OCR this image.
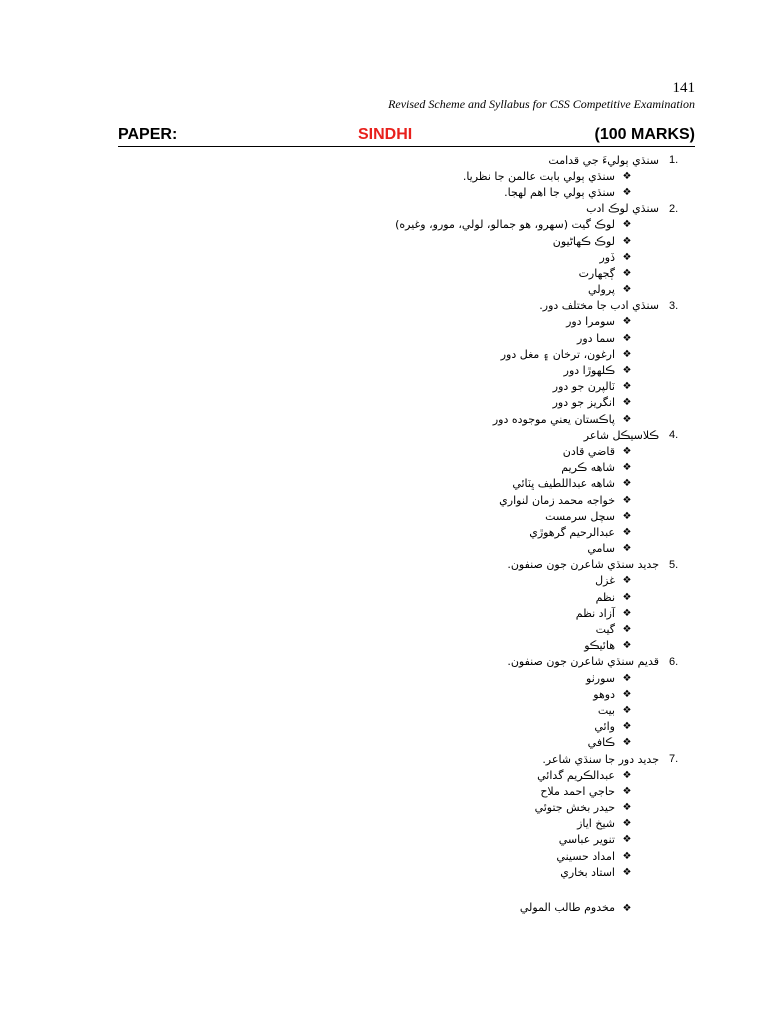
141
Revised Scheme and Syllabus for CSS Competitive Examination
PAPER:	SINDHI	(100 MARKS)
سنڌي ٻوليءَ جي قدامت 1.
سنڌي ٻولي بابت عالمن جا نظريا. ❖
سنڌي ٻولي جا اهم لهجا. ❖
سنڌي لوڪ ادب 2.
لوڪ گيت (سهرو، هو جمالو، لولي، مورو، وغيره) ❖
لوڪ ڪهاڻيون ❖
ڏور ❖
ڳجهارت ❖
پرولي ❖
سنڌي ادب جا مختلف دور. 3.
سومرا دور ❖
سما دور ❖
ارغون، ترخان ۽ مغل دور ❖
ڪلهوڙا دور ❖
ٽالپرن جو دور ❖
انگريز جو دور ❖
پاڪستان يعني موجوده دور ❖
ڪلاسيڪل شاعر 4.
قاضي قادن ❖
شاهه ڪريم ❖
شاهه عبداللطيف ڀٽائي ❖
خواجه محمد زمان لنواري ❖
سچل سرمست ❖
عبدالرحيم گرهوڙي ❖
سامي ❖
جديد سنڌي شاعرن جون صنفون. 5.
غزل ❖
نظم ❖
آزاد نظم ❖
گيت ❖
هائيڪو ❖
قديم سنڌي شاعرن جون صنفون. 6.
سورٺو ❖
دوهو ❖
بيت ❖
وائي ❖
ڪافي ❖
جديد دور جا سنڌي شاعر. 7.
عبدالڪريم گدائي ❖
حاجي احمد ملاح ❖
حيدر بخش جتوئي ❖
شيخ اياز ❖
تنوير عباسي ❖
امداد حسيني ❖
استاد بخاري ❖
مخدوم طالب المولي ❖
